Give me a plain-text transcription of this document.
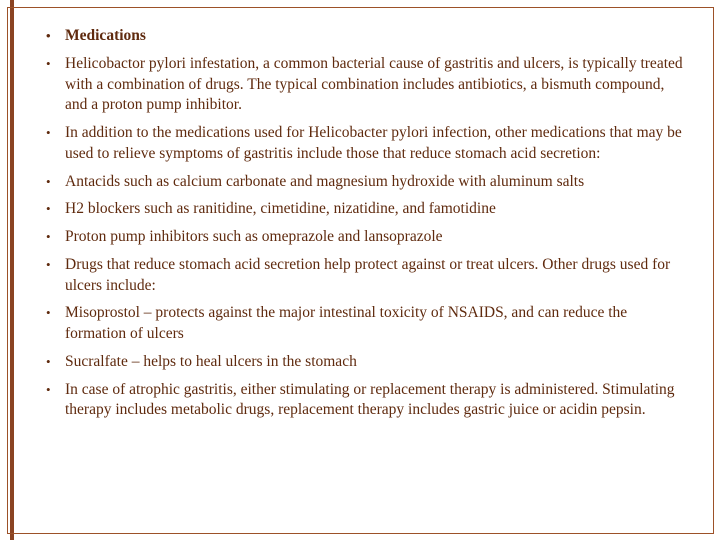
• Medications
• Helicobactor pylori infestation, a common bacterial cause of gastritis and ulcers, is typically treated with a combination of drugs. The typical combination includes antibiotics, a bismuth compound, and a proton pump inhibitor.
• In addition to the medications used for Helicobacter pylori infection, other medications that may be used to relieve symptoms of gastritis include those that reduce stomach acid secretion:
• Antacids such as calcium carbonate and magnesium hydroxide with aluminum salts
• H2 blockers such as ranitidine, cimetidine, nizatidine, and famotidine
• Proton pump inhibitors such as omeprazole and lansoprazole
• Drugs that reduce stomach acid secretion help protect against or treat ulcers. Other drugs used for ulcers include:
• Misoprostol – protects against the major intestinal toxicity of NSAIDS, and can reduce the formation of ulcers
• Sucralfate – helps to heal ulcers in the stomach
• In case of atrophic gastritis, either stimulating or replacement therapy is administered. Stimulating therapy includes metabolic drugs, replacement therapy includes gastric juice or acidin pepsin.
